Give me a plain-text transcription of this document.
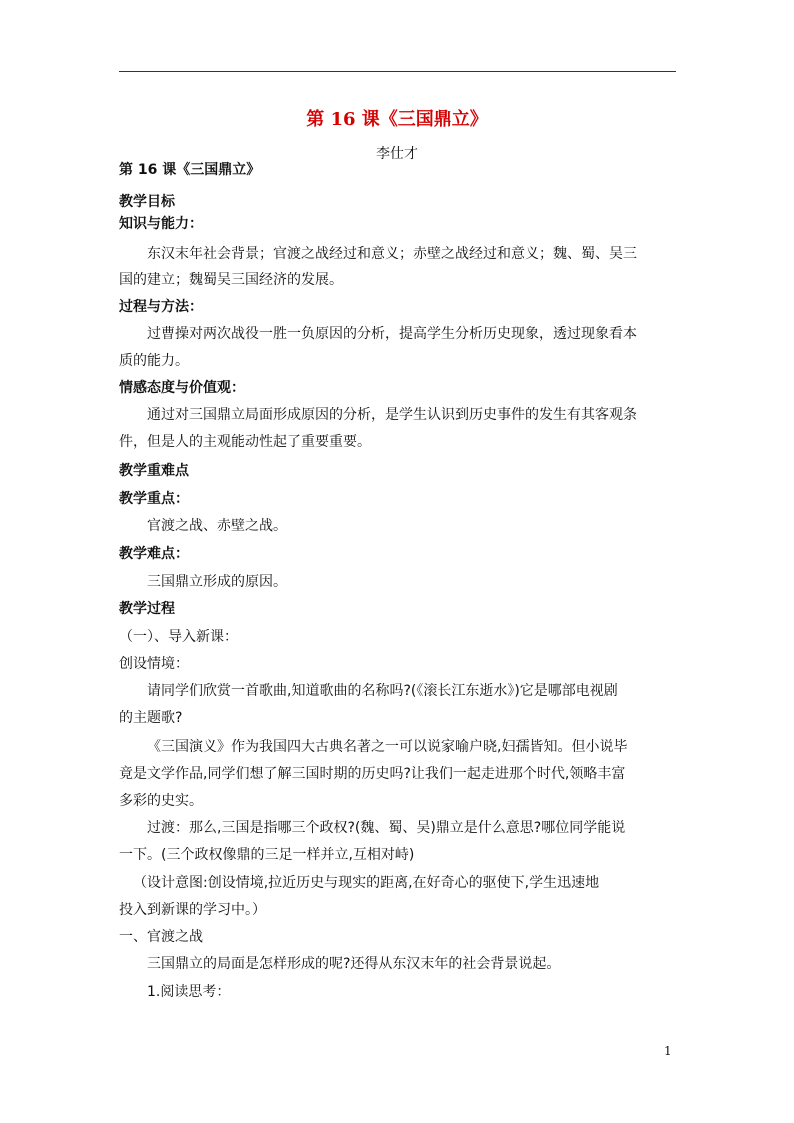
第 16 课《三国鼎立》
李仕才
第 16 课《三国鼎立》
教学目标
知识与能力：
东汉末年社会背景；官渡之战经过和意义；赤壁之战经过和意义；魏、蜀、吴三
国的建立；魏蜀吴三国经济的发展。
过程与方法：
过曹操对两次战役一胜一负原因的分析，提高学生分析历史现象，透过现象看本
质的能力。
情感态度与价值观：
通过对三国鼎立局面形成原因的分析，是学生认识到历史事件的发生有其客观条
件，但是人的主观能动性起了重要重要。
教学重难点
教学重点：
官渡之战、赤壁之战。
教学难点：
三国鼎立形成的原因。
教学过程
（一）、导入新课：
创设情境：
请同学们欣赏一首歌曲,知道歌曲的名称吗?(《滚长江东逝水》)它是哪部电视剧
的主题歌?
《三国演义》作为我国四大古典名著之一可以说家喻户晓,妇孺皆知。但小说毕
竟是文学作品,同学们想了解三国时期的历史吗?让我们一起走进那个时代,领略丰富
多彩的史实。
过渡：那么,三国是指哪三个政权?(魏、蜀、吴)鼎立是什么意思?哪位同学能说
一下。(三个政权像鼎的三足一样并立,互相对峙)
（设计意图:创设情境,拉近历史与现实的距离,在好奇心的驱使下,学生迅速地
投入到新课的学习中。）
一、官渡之战
三国鼎立的局面是怎样形成的呢?还得从东汉末年的社会背景说起。
1.阅读思考：
1
